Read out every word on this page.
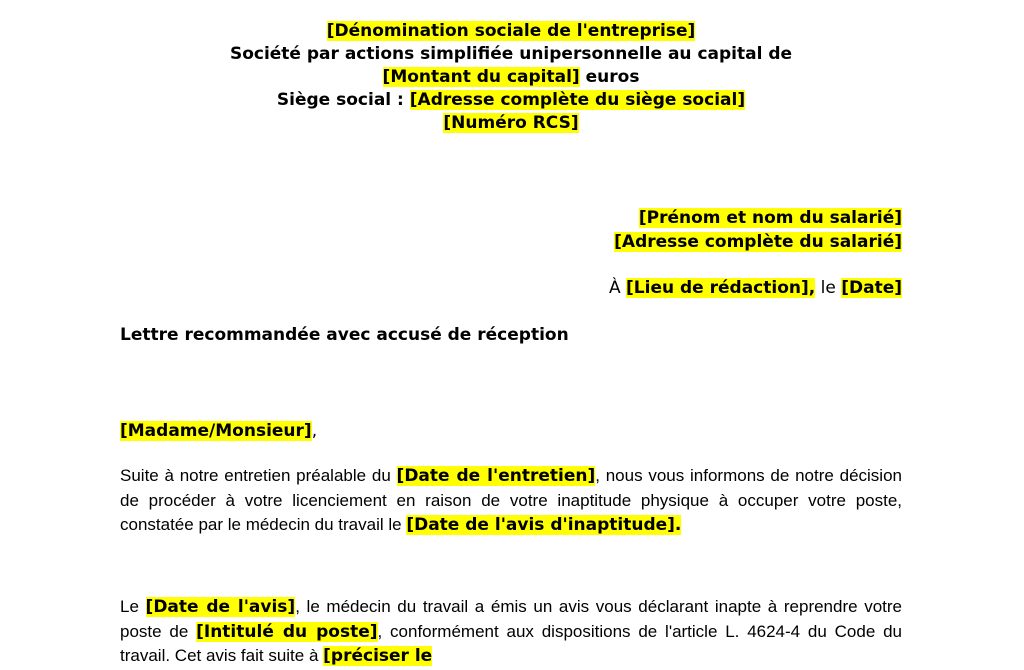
[Dénomination sociale de l'entreprise]
Société par actions simplifiée unipersonnelle au capital de
[Montant du capital] euros
Siège social : [Adresse complète du siège social]
[Numéro RCS]
[Prénom et nom du salarié]
[Adresse complète du salarié]
À [Lieu de rédaction], le [Date]
Lettre recommandée avec accusé de réception
[Madame/Monsieur],
Suite à notre entretien préalable du [Date de l'entretien], nous vous informons de notre décision de procéder à votre licenciement en raison de votre inaptitude physique à occuper votre poste, constatée par le médecin du travail le [Date de l'avis d'inaptitude].
Le [Date de l'avis], le médecin du travail a émis un avis vous déclarant inapte à reprendre votre poste de [Intitulé du poste], conformément aux dispositions de l'article L. 4624-4 du Code du travail. Cet avis fait suite à [préciser le
